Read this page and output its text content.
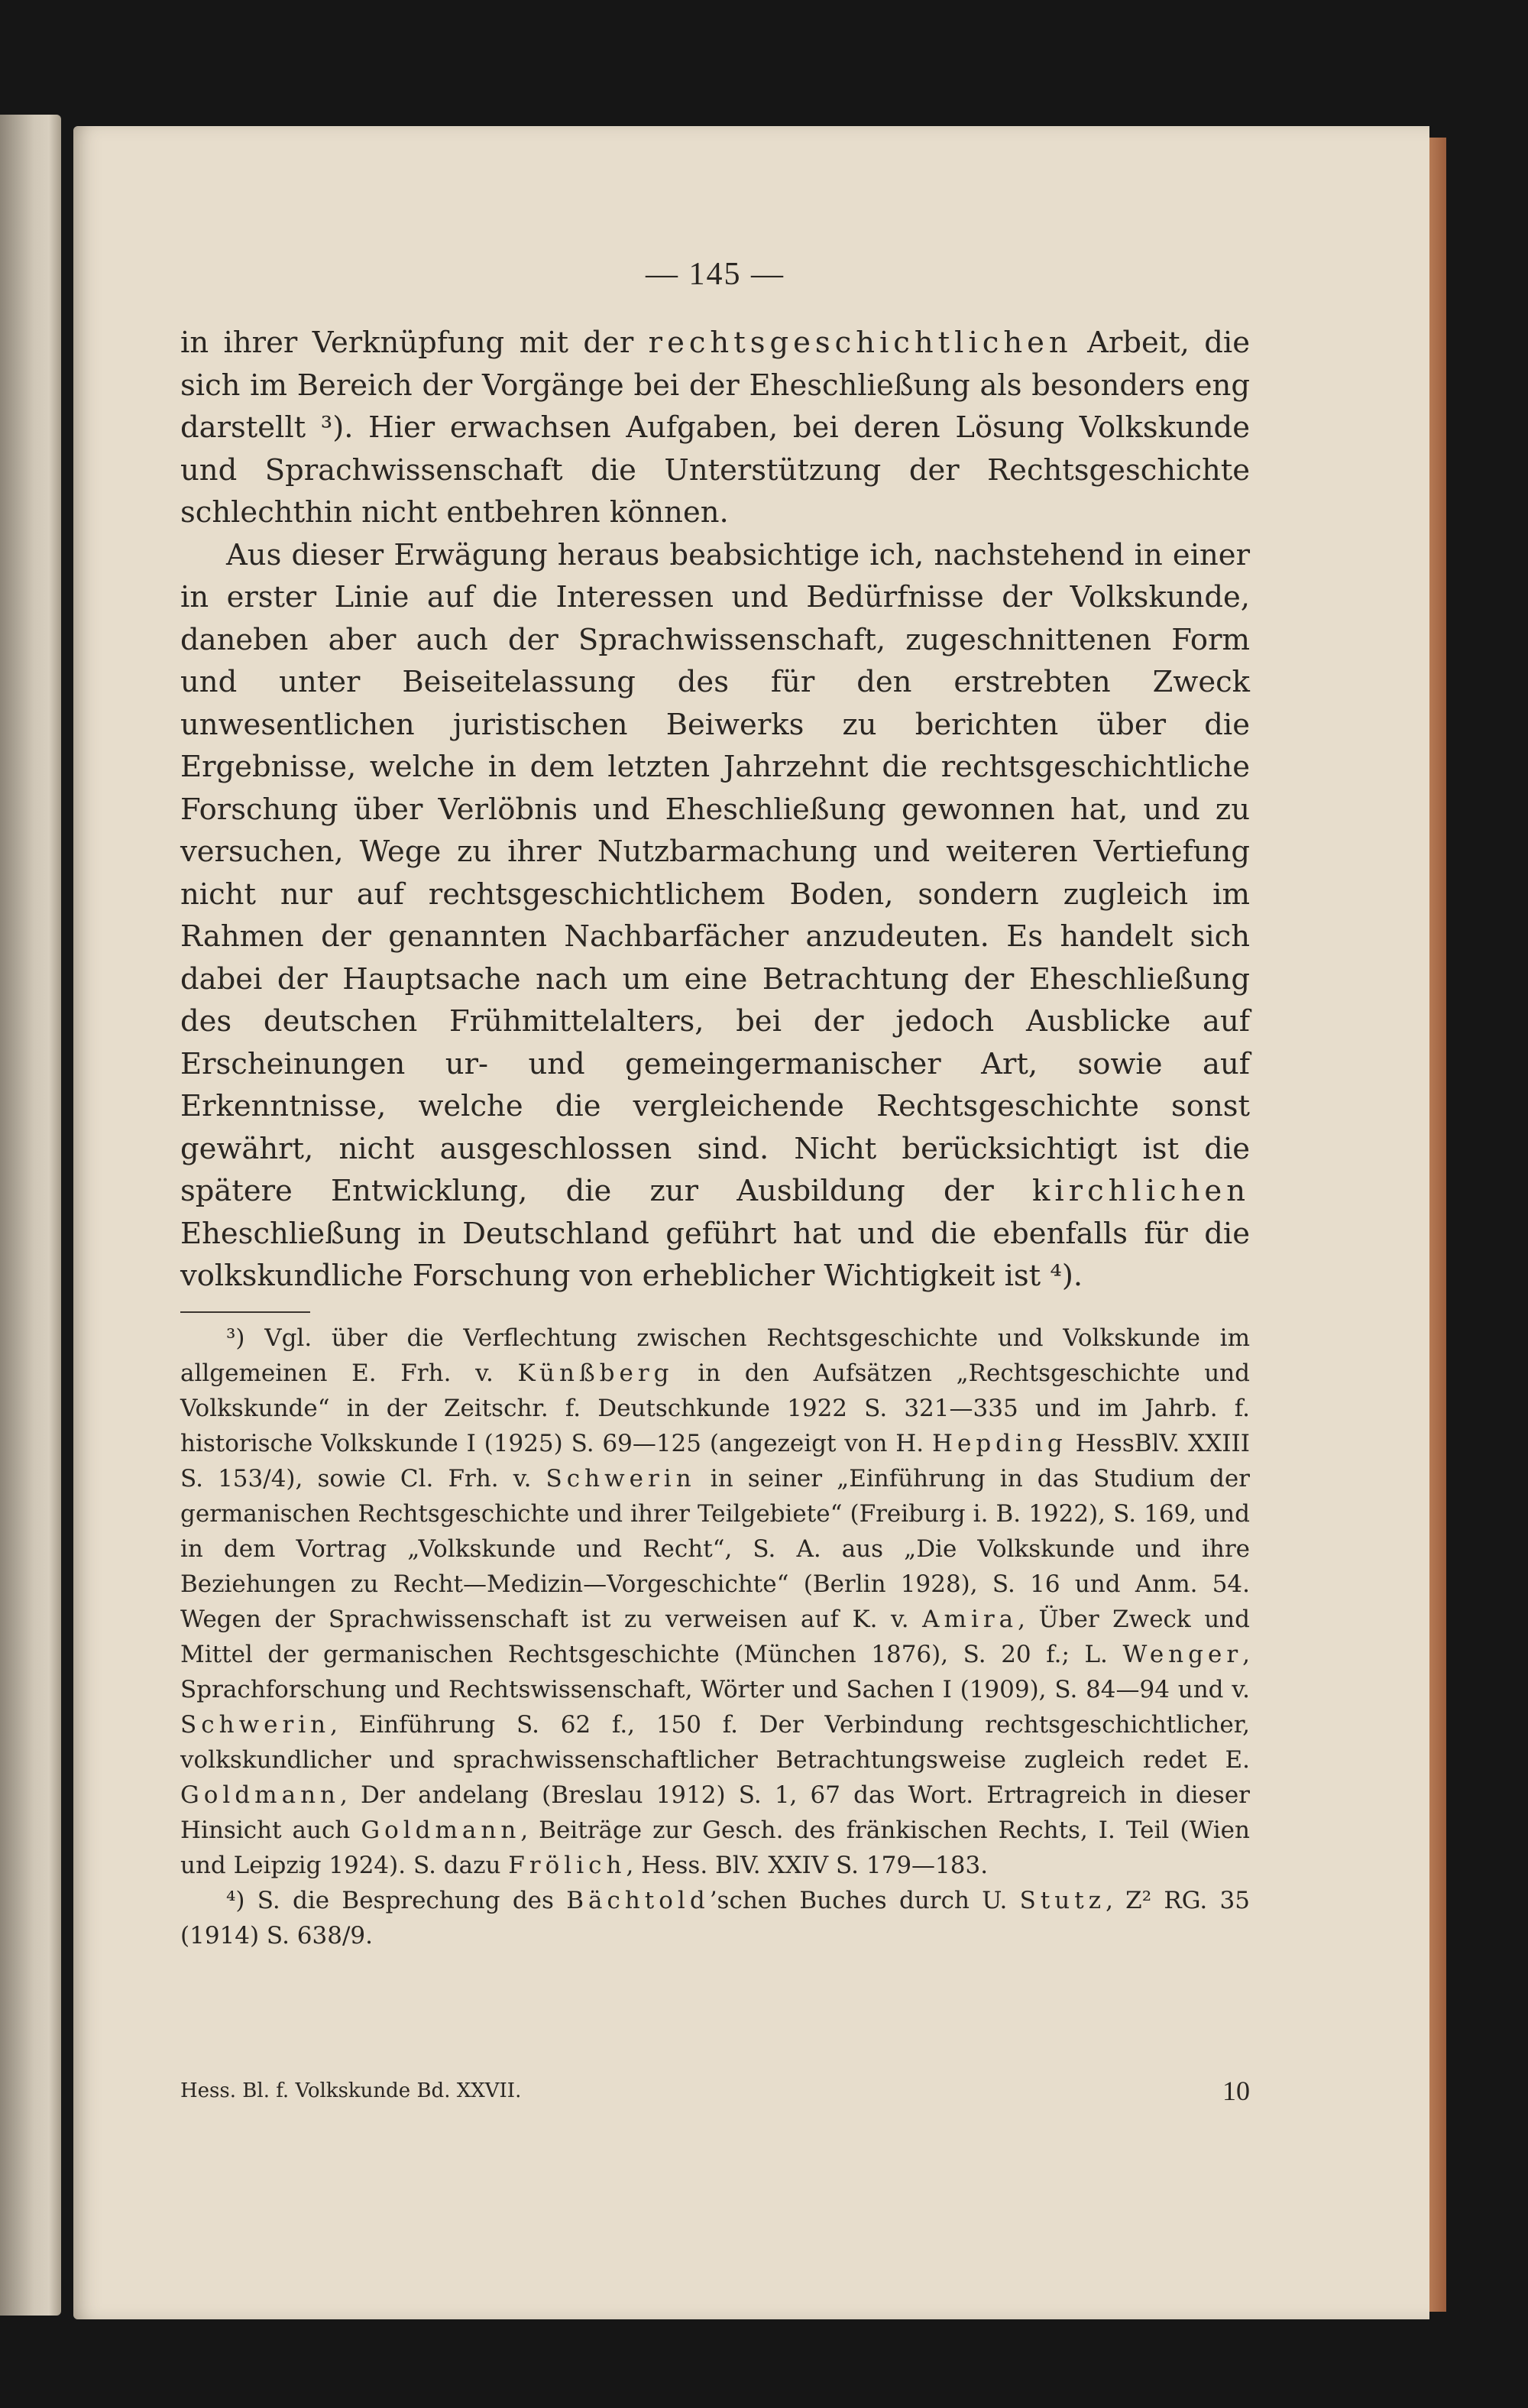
— 145 —

in ihrer Verknüpfung mit der rechtsgeschichtlichen Arbeit, die sich im Bereich der Vorgänge bei der Eheschließung als besonders eng darstellt ³). Hier erwachsen Aufgaben, bei deren Lösung Volkskunde und Sprachwissenschaft die Unterstützung der Rechtsgeschichte schlechthin nicht entbehren können.

Aus dieser Erwägung heraus beabsichtige ich, nachstehend in einer in erster Linie auf die Interessen und Bedürfnisse der Volkskunde, daneben aber auch der Sprachwissenschaft, zugeschnittenen Form und unter Beiseitelassung des für den erstrebten Zweck unwesentlichen juristischen Beiwerks zu berichten über die Ergebnisse, welche in dem letzten Jahrzehnt die rechtsgeschichtliche Forschung über Verlöbnis und Eheschließung gewonnen hat, und zu versuchen, Wege zu ihrer Nutzbarmachung und weiteren Vertiefung nicht nur auf rechtsgeschichtlichem Boden, sondern zugleich im Rahmen der genannten Nachbarfächer anzudeuten. Es handelt sich dabei der Hauptsache nach um eine Betrachtung der Eheschließung des deutschen Frühmittelalters, bei der jedoch Ausblicke auf Erscheinungen ur- und gemeingermanischer Art, sowie auf Erkenntnisse, welche die vergleichende Rechtsgeschichte sonst gewährt, nicht ausgeschlossen sind. Nicht berücksichtigt ist die spätere Entwicklung, die zur Ausbildung der kirchlichen Eheschließung in Deutschland geführt hat und die ebenfalls für die volkskundliche Forschung von erheblicher Wichtigkeit ist ⁴).

³) Vgl. über die Verflechtung zwischen Rechtsgeschichte und Volkskunde im allgemeinen E. Frh. v. Künßberg in den Aufsätzen „Rechtsgeschichte und Volkskunde“ in der Zeitschr. f. Deutschkunde 1922 S. 321—335 und im Jahrb. f. historische Volkskunde I (1925) S. 69—125 (angezeigt von H. Hepding HessBlV. XXIII S. 153/4), sowie Cl. Frh. v. Schwerin in seiner „Einführung in das Studium der germanischen Rechtsgeschichte und ihrer Teilgebiete“ (Freiburg i. B. 1922), S. 169, und in dem Vortrag „Volkskunde und Recht“, S. A. aus „Die Volkskunde und ihre Beziehungen zu Recht—Medizin—Vorgeschichte“ (Berlin 1928), S. 16 und Anm. 54. Wegen der Sprachwissenschaft ist zu verweisen auf K. v. Amira, Über Zweck und Mittel der germanischen Rechtsgeschichte (München 1876), S. 20 f.; L. Wenger, Sprachforschung und Rechtswissenschaft, Wörter und Sachen I (1909), S. 84—94 und v. Schwerin, Einführung S. 62 f., 150 f. Der Verbindung rechtsgeschichtlicher, volkskundlicher und sprachwissenschaftlicher Betrachtungsweise zugleich redet E. Goldmann, Der andelang (Breslau 1912) S. 1, 67 das Wort. Ertragreich in dieser Hinsicht auch Goldmann, Beiträge zur Gesch. des fränkischen Rechts, I. Teil (Wien und Leipzig 1924). S. dazu Frölich, Hess. BlV. XXIV S. 179—183.

⁴) S. die Besprechung des Bächtold’schen Buches durch U. Stutz, Z² RG. 35 (1914) S. 638/9.

Hess. Bl. f. Volkskunde Bd. XXVII.	10
